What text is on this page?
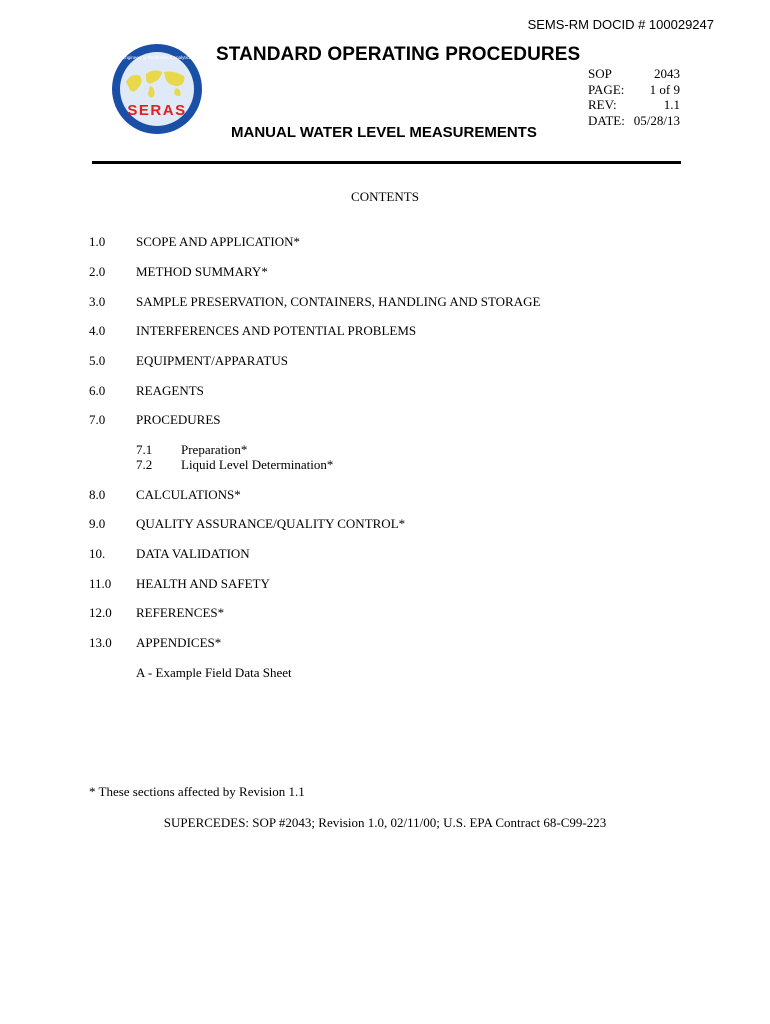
SEMS-RM DOCID # 100029247
SERAS
Scientific Engineering Response & Analytical Services STANDARD OPERATING PROCEDURES
MANUAL WATER LEVEL MEASUREMENTS
SOP	2043
PAGE: 1 of 9
REV:	1.1
DATE: 05/28/13
CONTENTS
1.0	SCOPE AND APPLICATION*
2.0	METHOD SUMMARY*
3.0	SAMPLE PRESERVATION, CONTAINERS, HANDLING AND STORAGE
4.0	INTERFERENCES AND POTENTIAL PROBLEMS
5.0	EQUIPMENT/APPARATUS
6.0	REAGENTS
7.0	PROCEDURES
7.1 Preparation*
7.2 Liquid Level Determination*
8.0	CALCULATIONS*
9.0	QUALITY ASSURANCE/QUALITY CONTROL*
10.	DATA VALIDATION
11.0	HEALTH AND SAFETY
12.0	REFERENCES*
13.0	APPENDICES*
A - Example Field Data Sheet
* These sections affected by Revision 1.1
SUPERCEDES: SOP #2043; Revision 1.0, 02/11/00; U.S. EPA Contract 68-C99-223
